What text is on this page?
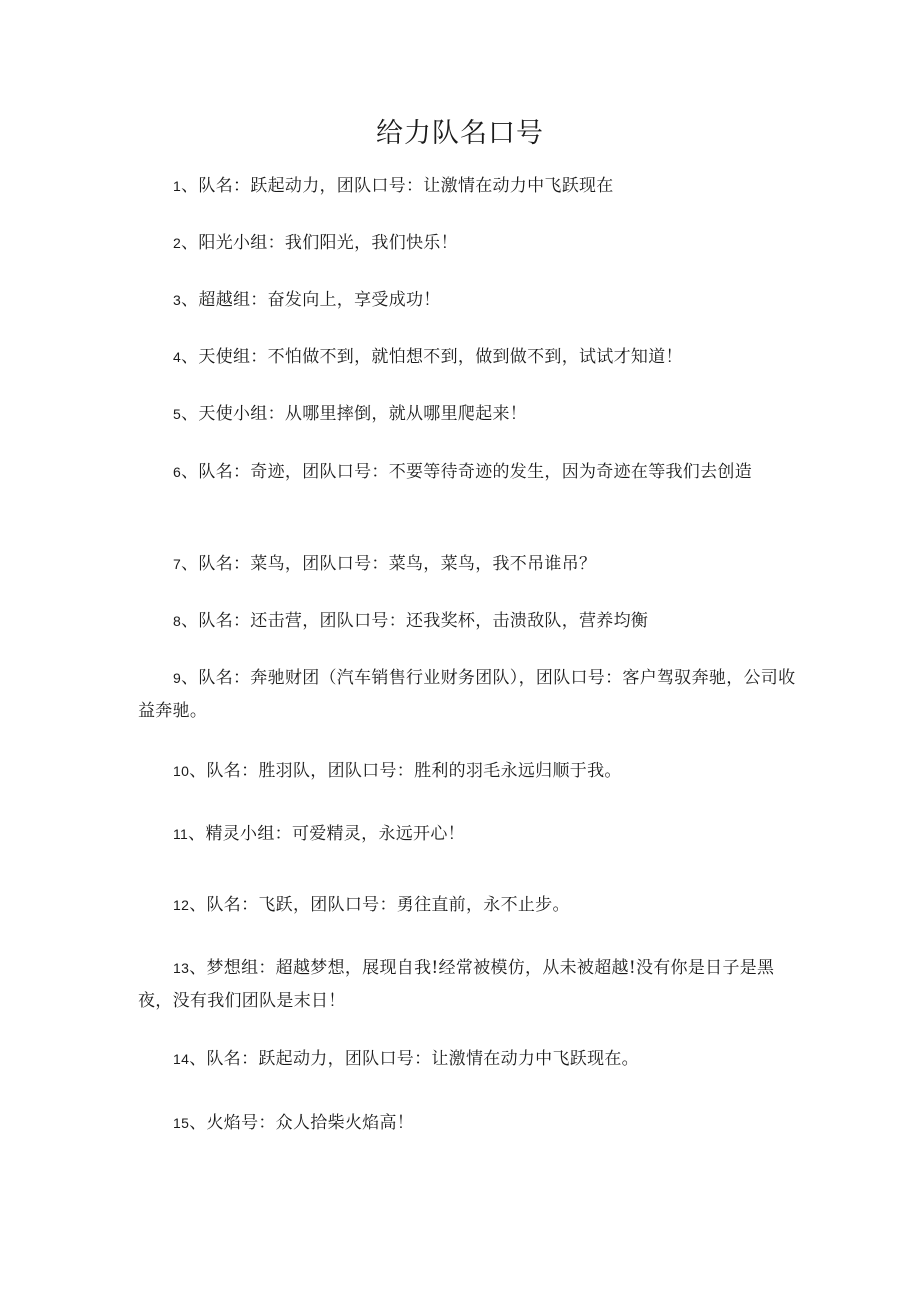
给力队名口号
1、队名：跃起动力，团队口号：让激情在动力中飞跃现在
2、阳光小组：我们阳光，我们快乐！
3、超越组：奋发向上，享受成功！
4、天使组：不怕做不到，就怕想不到，做到做不到，试试才知道！
5、天使小组：从哪里摔倒，就从哪里爬起来！
6、队名：奇迹，团队口号：不要等待奇迹的发生，因为奇迹在等我们去创造
7、队名：菜鸟，团队口号：菜鸟，菜鸟，我不吊谁吊？
8、队名：还击营，团队口号：还我奖杯，击溃敌队，营养均衡
9、队名：奔驰财团（汽车销售行业财务团队），团队口号：客户驾驭奔驰，公司收益奔驰。
10、队名：胜羽队，团队口号：胜利的羽毛永远归顺于我。
11、精灵小组：可爱精灵，永远开心！
12、队名：飞跃，团队口号：勇往直前，永不止步。
13、梦想组：超越梦想，展现自我!经常被模仿，从未被超越!没有你是日子是黑夜，没有我们团队是末日！
14、队名：跃起动力，团队口号：让激情在动力中飞跃现在。
15、火焰号：众人拾柴火焰高！
